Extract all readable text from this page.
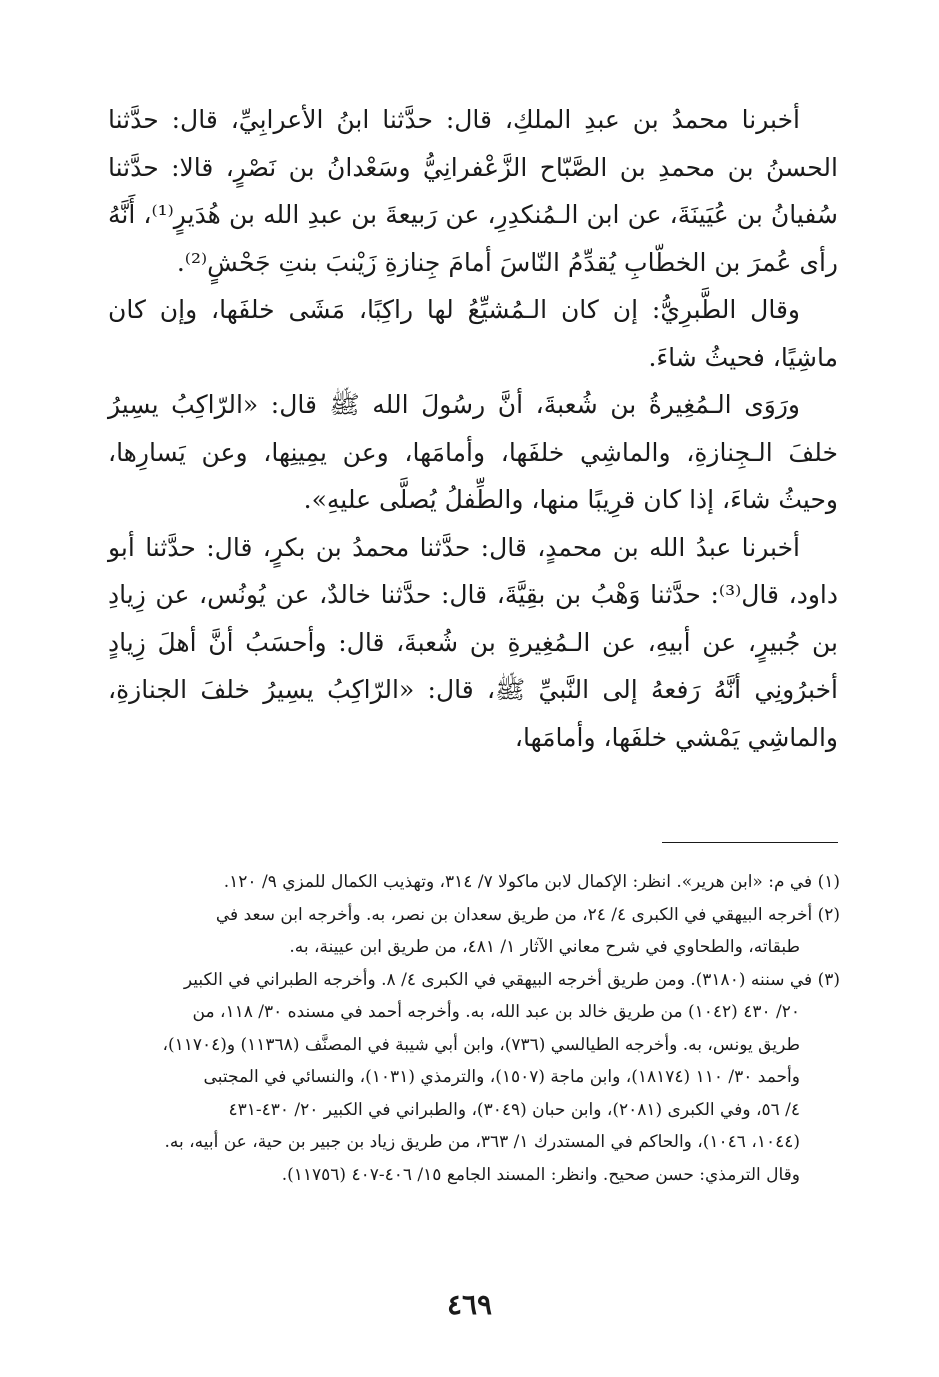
أخبرنا محمدُ بن عبدِ الملكِ، قال: حدَّثنا ابنُ الأعرابِيِّ، قال: حدَّثنا الحسنُ بن محمدِ بن الصَّبّاح الزَّعْفرانِيُّ وسَعْدانُ بن نَصْرٍ، قالا: حدَّثنا سُفيانُ بن عُيَينَةَ، عن ابن الـمُنكدِرِ، عن رَبيعةَ بن عبدِ الله بن هُدَيرٍ⁽¹⁾، أَنَّهُ رأى عُمرَ بن الخطّابِ يُقدِّمُ النّاسَ أمامَ جِنازةِ زَيْنبَ بنتِ جَحْشٍ⁽²⁾.

وقال الطَّبرِيُّ: إن كان الـمُشيِّعُ لها راكِبًا، مَشَى خلفَها، وإن كان ماشِيًا، فحيثُ شاءَ.

ورَوَى الـمُغِيرةُ بن شُعبةَ، أنَّ رسُولَ الله ﷺ قال: «الرّاكِبُ يسِيرُ خلفَ الـجِنازةِ، والماشِي خلفَها، وأمامَها، وعن يمِينِها، وعن يَسارِها، وحيثُ شاءَ، إذا كان قرِيبًا منها، والطِّفلُ يُصلَّى عليهِ».

أخبرنا عبدُ الله بن محمدٍ، قال: حدَّثنا محمدُ بن بكرٍ، قال: حدَّثنا أبو داود، قال⁽³⁾: حدَّثنا وَهْبُ بن بقِيَّةَ، قال: حدَّثنا خالدٌ، عن يُونُس، عن زِيادِ بن جُبيرٍ، عن أبيهِ، عن الـمُغِيرةِ بن شُعبةَ، قال: وأحسَبُ أنَّ أهلَ زِيادٍ أخبرُونِي أنَّهُ رَفعهُ إلى النَّبيِّ ﷺ، قال: «الرّاكِبُ يسِيرُ خلفَ الجنازةِ، والماشِي يَمْشي خلفَها، وأمامَها،

(١) في م: «ابن هرير». انظر: الإكمال لابن ماكولا ٧/ ٣١٤، وتهذيب الكمال للمزي ٩/ ١٢٠.
(٢) أخرجه البيهقي في الكبرى ٤/ ٢٤، من طريق سعدان بن نصر، به. وأخرجه ابن سعد في
طبقاته، والطحاوي في شرح معاني الآثار ١/ ٤٨١، من طريق ابن عيينة، به.
(٣) في سننه (٣١٨٠). ومن طريق أخرجه البيهقي في الكبرى ٤/ ٨. وأخرجه الطبراني في الكبير
٢٠/ ٤٣٠ (١٠٤٢) من طريق خالد بن عبد الله، به. وأخرجه أحمد في مسنده ٣٠/ ١١٨، من
طريق يونس، به. وأخرجه الطيالسي (٧٣٦)، وابن أبي شيبة في المصنَّف (١١٣٦٨) و(١١٧٠٤)،
وأحمد ٣٠/ ١١٠ (١٨١٧٤)، وابن ماجة (١٥٠٧)، والترمذي (١٠٣١)، والنسائي في المجتبى
٤/ ٥٦، وفي الكبرى (٢٠٨١)، وابن حبان (٣٠٤٩)، والطبراني في الكبير ٢٠/ ٤٣٠-٤٣١
(١٠٤٤، ١٠٤٦)، والحاكم في المستدرك ١/ ٣٦٣، من طريق زياد بن جبير بن حية، عن أبيه، به.
وقال الترمذي: حسن صحيح. وانظر: المسند الجامع ١٥/ ٤٠٦-٤٠٧ (١١٧٥٦).
٤٦٩
